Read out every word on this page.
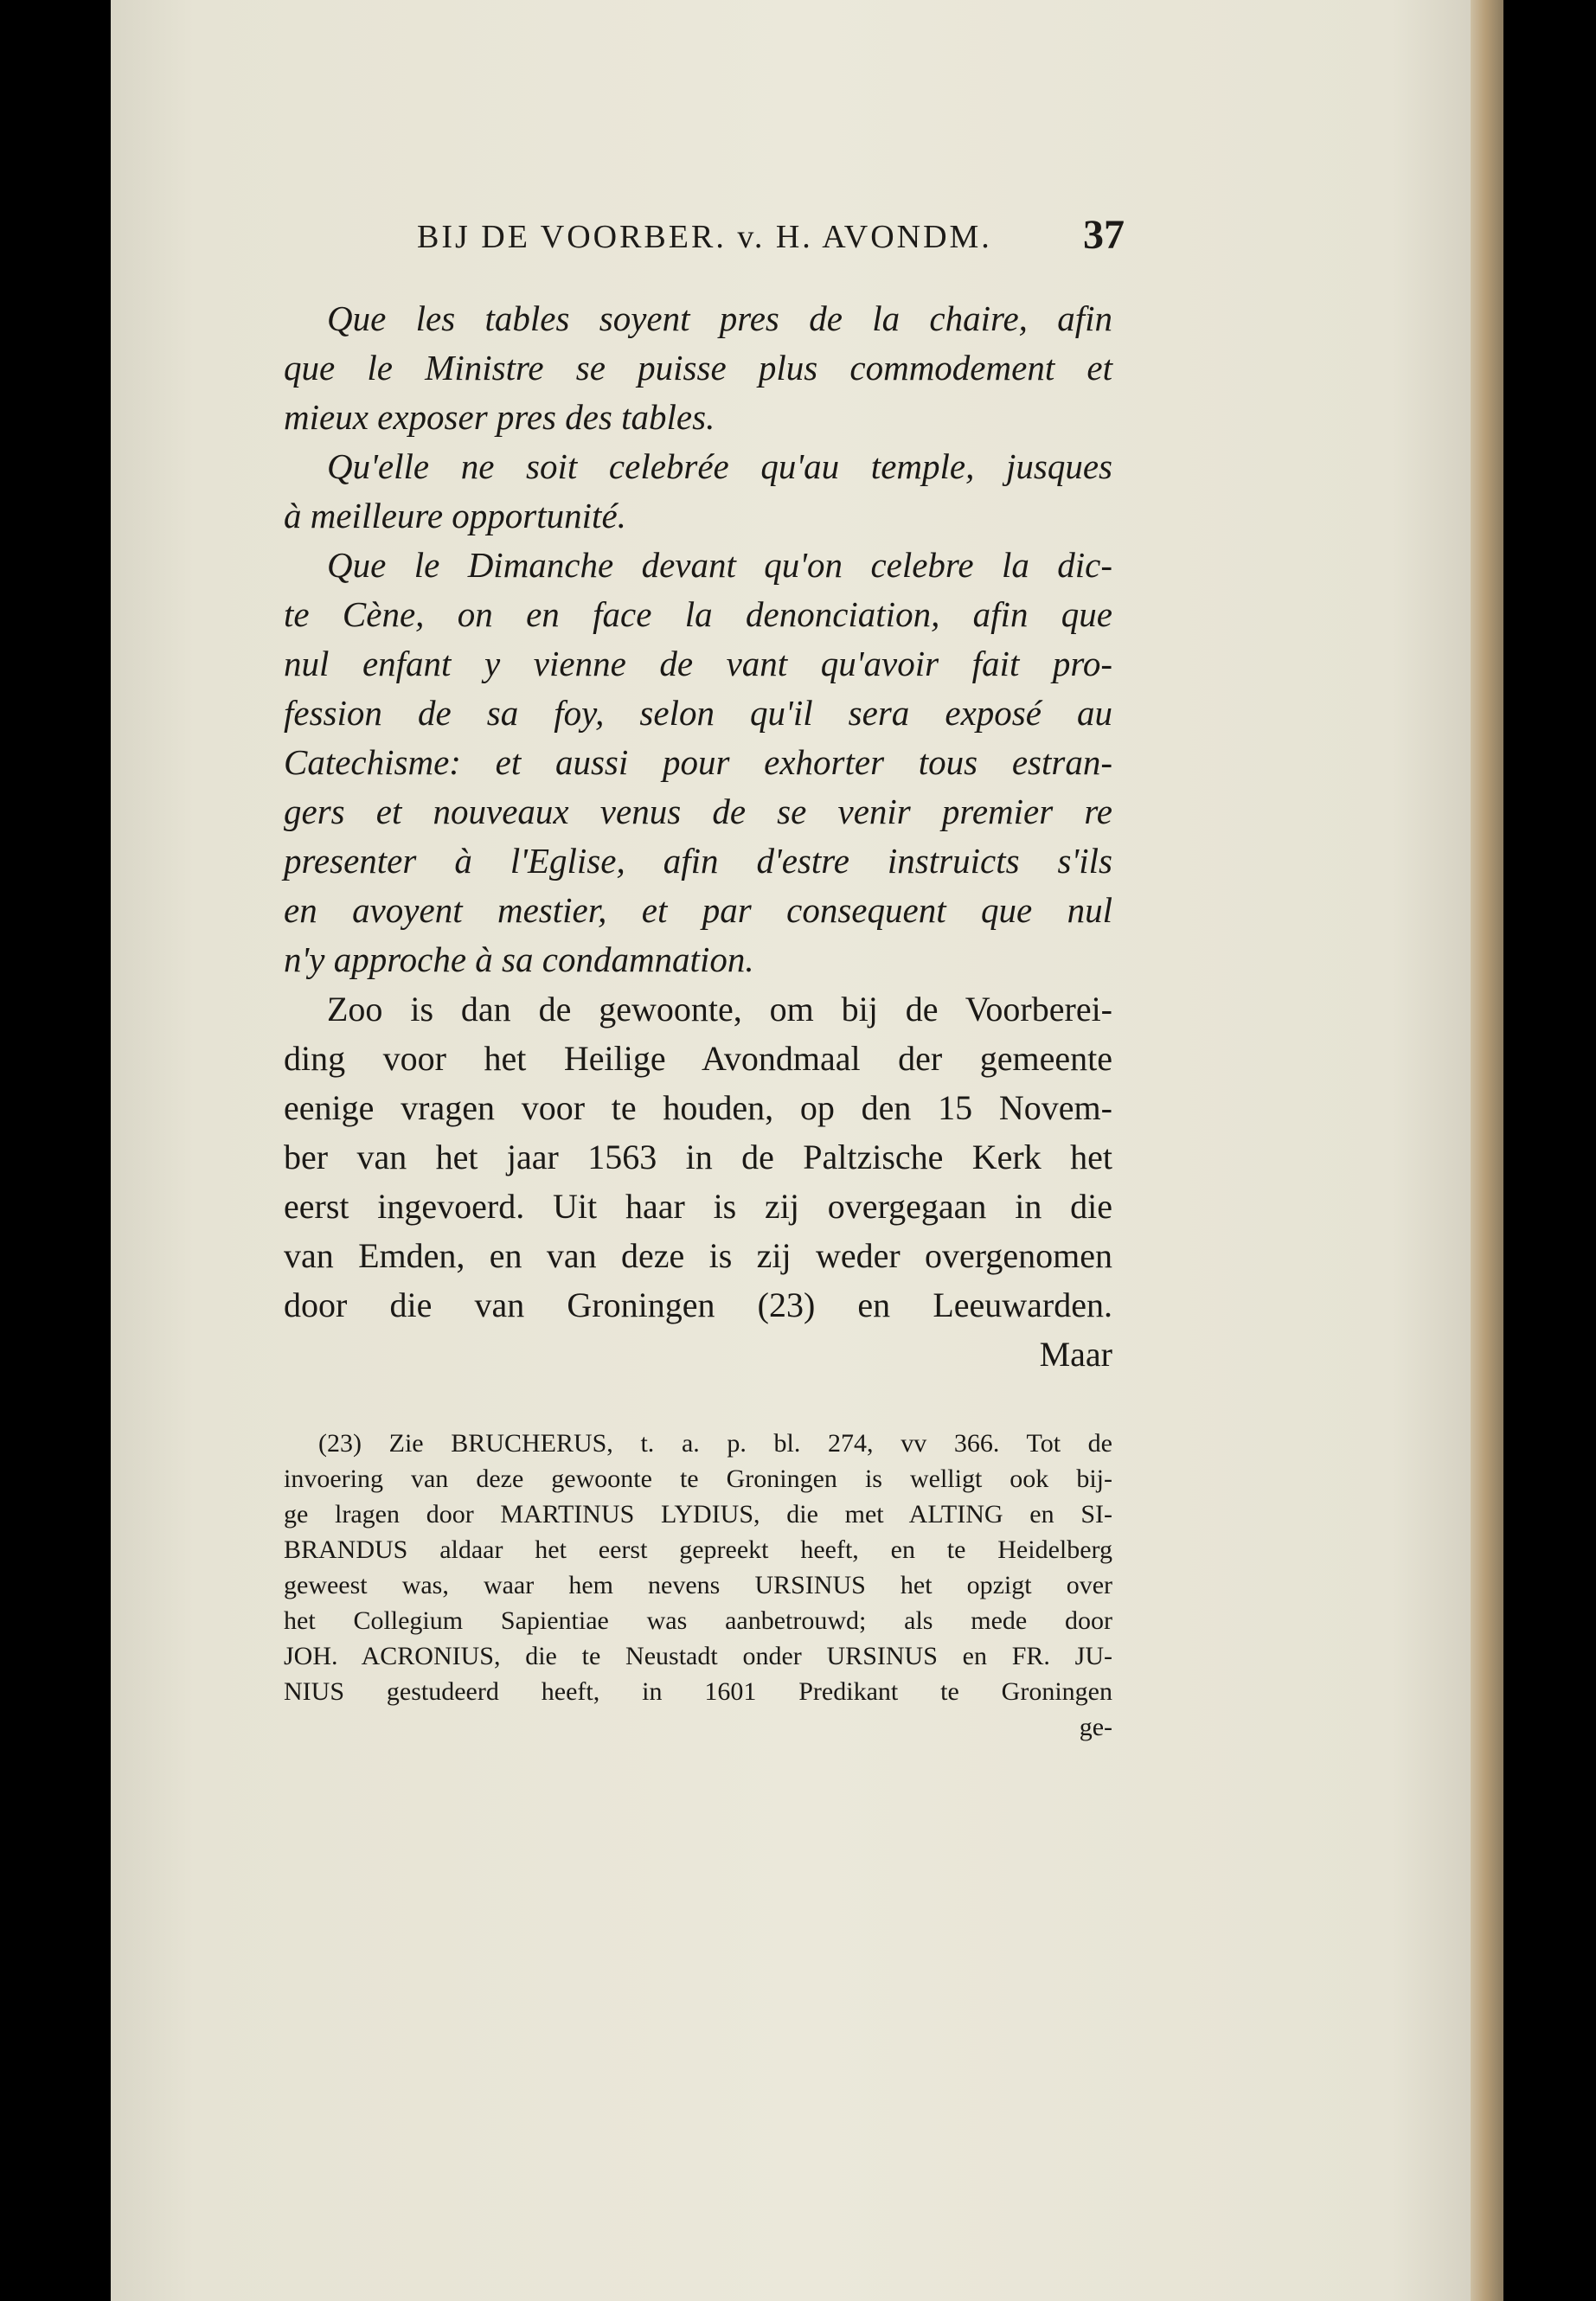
BIJ DE VOORBER. v. H. AVONDM. 37
Que les tables soyent pres de la chaire, afin
que le Ministre se puisse plus commodement et
mieux exposer pres des tables.
Qu'elle ne soit celebrée qu'au temple, jusques
à meilleure opportunité.
Que le Dimanche devant qu'on celebre la dic-
te Cène, on en face la denonciation, afin que
nul enfant y vienne de vant qu'avoir fait pro-
fession de sa foy, selon qu'il sera exposé au
Catechisme: et aussi pour exhorter tous estran-
gers et nouveaux venus de se venir premier re
presenter à l'Eglise, afin d'estre instruicts s'ils
en avoyent mestier, et par consequent que nul
n'y approche à sa condamnation.
Zoo is dan de gewoonte, om bij de Voorberei-
ding voor het Heilige Avondmaal der gemeente
eenige vragen voor te houden, op den 15 Novem-
ber van het jaar 1563 in de Paltzische Kerk het
eerst ingevoerd. Uit haar is zij overgegaan in die
van Emden, en van deze is zij weder overgenomen
door die van Groningen (23) en Leeuwarden.
Maar
(23) Zie BRUCHERUS, t. a. p. bl. 274, vv 366. Tot de
invoering van deze gewoonte te Groningen is welligt ook bij-
ge lragen door MARTINUS LYDIUS, die met ALTING en SI-
BRANDUS aldaar het eerst gepreekt heeft, en te Heidelberg
geweest was, waar hem nevens URSINUS het opzigt over
het Collegium Sapientiae was aanbetrouwd; als mede door
JOH. ACRONIUS, die te Neustadt onder URSINUS en FR. JU-
NIUS gestudeerd heeft, in 1601 Predikant te Groningen
ge-
